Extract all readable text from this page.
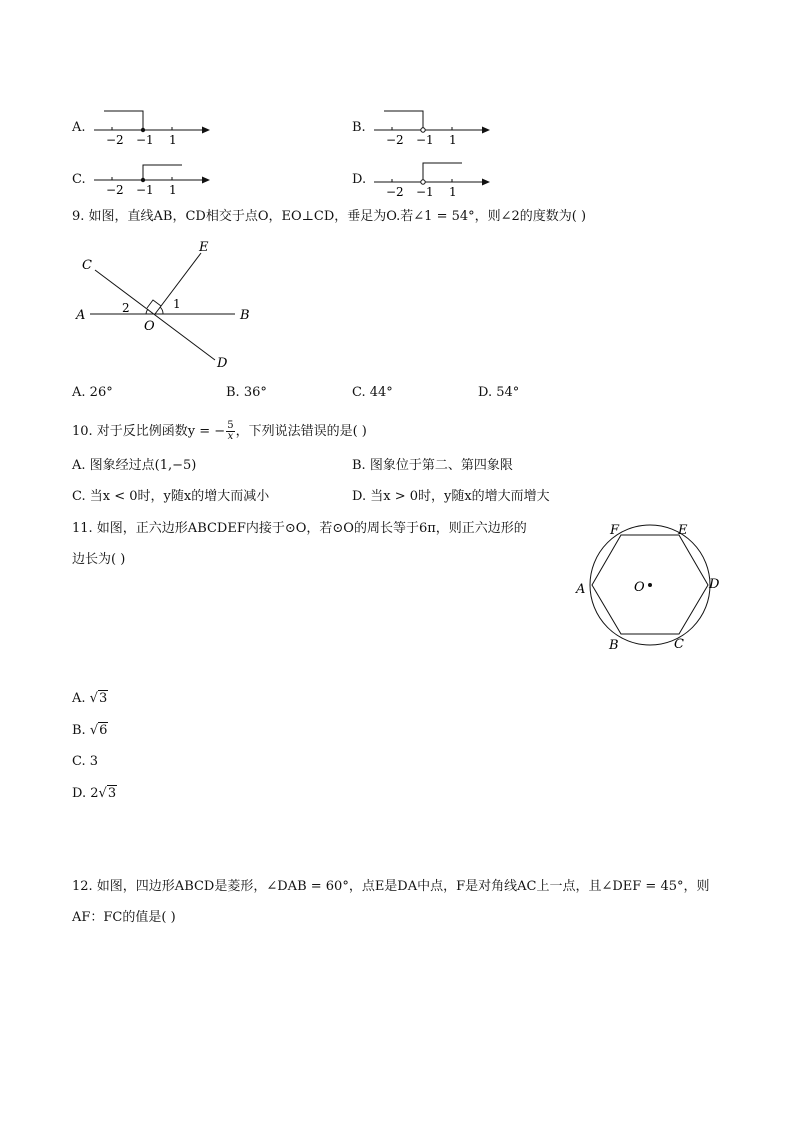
A.
−2 −1 1
B.
−2 −1 1
C.
−2 −1 1
D.
−2 −1 1
9. 如图，直线AB，CD相交于点O，EO⊥CD，垂足为O.若∠1 = 54°，则∠2的度数为( )
C
E
A	B
O
D
1
2
A. 26°	B. 36°	C. 44°	D. 54°
10. 对于反比例函数y = − $\frac{5}{x}$ ，下列说法错误的是( )
A. 图象经过点(1,−5)	B. 图象位于第二、第四象限
C. 当x < 0时，y随x的增大而减小	D. 当x > 0时，y随x的增大而增大
11. 如图，正六边形ABCDEF内接于⊙O，若⊙O的周长等于6π，则正六边形的
边长为( )
F	E
A	D
B	C
O
A. √3
B. √6
C. 3
D. 2√3
12. 如图，四边形ABCD是菱形，∠DAB = 60°，点E是DA中点，F是对角线AC上一点，且∠DEF = 45°，则
AF：FC的值是( )
